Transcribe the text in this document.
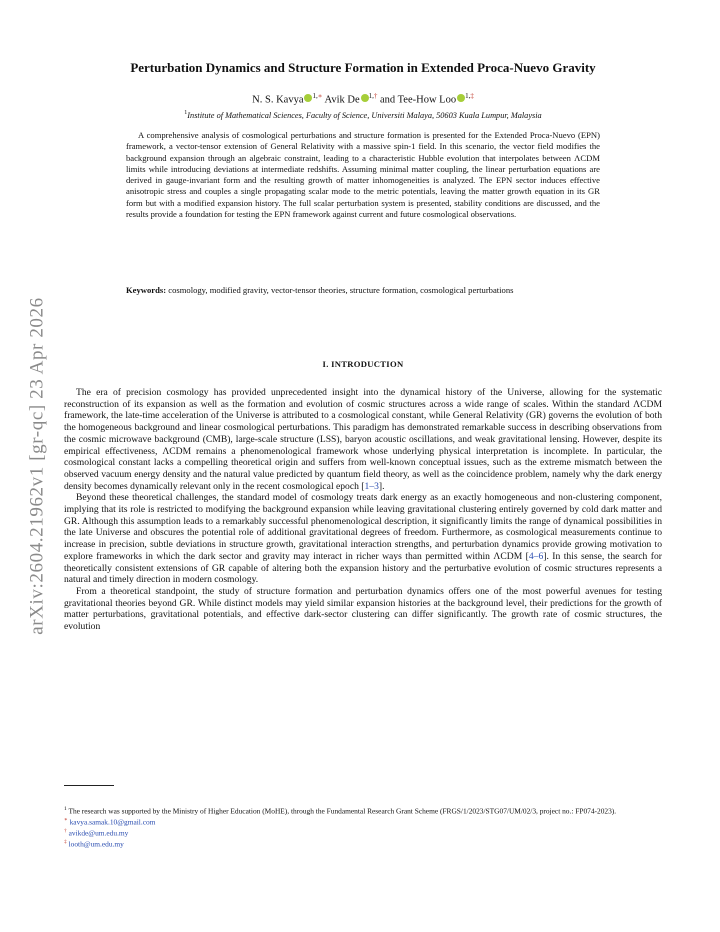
arXiv:2604.21962v1 [gr-qc] 23 Apr 2026
Perturbation Dynamics and Structure Formation in Extended Proca-Nuevo Gravity
N. S. Kavya $^{1,∗}$ Avik De $^{1,\dagger}$ and Tee-How Loo $^{1,\ddagger}$
$^1$Institute of Mathematical Sciences, Faculty of Science, Universiti Malaya, 50603 Kuala Lumpur, Malaysia
A comprehensive analysis of cosmological perturbations and structure formation is presented for the Extended Proca-Nuevo (EPN) framework, a vector-tensor extension of General Relativity with a massive spin-1 field. In this scenario, the vector field modifies the background expansion through an algebraic constraint, leading to a characteristic Hubble evolution that interpolates between ΛCDM limits while introducing deviations at intermediate redshifts. Assuming minimal matter coupling, the linear perturbation equations are derived in gauge-invariant form and the resulting growth of matter inhomogeneities is analyzed. The EPN sector induces effective anisotropic stress and couples a single propagating scalar mode to the metric potentials, leaving the matter growth equation in its GR form but with a modified expansion history. The full scalar perturbation system is presented, stability conditions are discussed, and the results provide a foundation for testing the EPN framework against current and future cosmological observations.
Keywords: cosmology, modified gravity, vector-tensor theories, structure formation, cosmological perturbations
I. INTRODUCTION

The era of precision cosmology has provided unprecedented insight into the dynamical history of the Universe, allowing for the systematic reconstruction of its expansion as well as the formation and evolution of cosmic structures across a wide range of scales. Within the standard ΛCDM framework, the late-time acceleration of the Universe is attributed to a cosmological constant, while General Relativity (GR) governs the evolution of both the homogeneous background and linear cosmological perturbations. This paradigm has demonstrated remarkable success in describing observations from the cosmic microwave background (CMB), large-scale structure (LSS), baryon acoustic oscillations, and weak gravitational lensing. However, despite its empirical effectiveness, ΛCDM remains a phenomenological framework whose underlying physical interpretation is incomplete. In particular, the cosmological constant lacks a compelling theoretical origin and suffers from well-known conceptual issues, such as the extreme mismatch between the observed vacuum energy density and the natural value predicted by quantum field theory, as well as the coincidence problem, namely why the dark energy density becomes dynamically relevant only in the recent cosmological epoch [1–3].

Beyond these theoretical challenges, the standard model of cosmology treats dark energy as an exactly homogeneous and non-clustering component, implying that its role is restricted to modifying the background expansion while leaving gravitational clustering entirely governed by cold dark matter and GR. Although this assumption leads to a remarkably successful phenomenological description, it significantly limits the range of dynamical possibilities in the late Universe and obscures the potential role of additional gravitational degrees of freedom. Furthermore, as cosmological measurements continue to increase in precision, subtle deviations in structure growth, gravitational interaction strengths, and perturbation dynamics provide growing motivation to explore frameworks in which the dark sector and gravity may interact in richer ways than permitted within ΛCDM [4–6]. In this sense, the search for theoretically consistent extensions of GR capable of altering both the expansion history and the perturbative evolution of cosmic structures represents a natural and timely direction in modern cosmology.

From a theoretical standpoint, the study of structure formation and perturbation dynamics offers one of the most powerful avenues for testing gravitational theories beyond GR. While distinct models may yield similar expansion histories at the background level, their predictions for the growth of matter perturbations, gravitational potentials, and effective dark-sector clustering can differ significantly. The growth rate of cosmic structures, the evolution

$^1$ The research was supported by the Ministry of Higher Education (MoHE), through the Fundamental Research Grant Scheme (FRGS/1/2023/STG07/UM/02/3, project no.: FP074-2023).
∗ kavya.samak.10@gmail.com
† avikde@um.edu.my
‡ looth@um.edu.my
